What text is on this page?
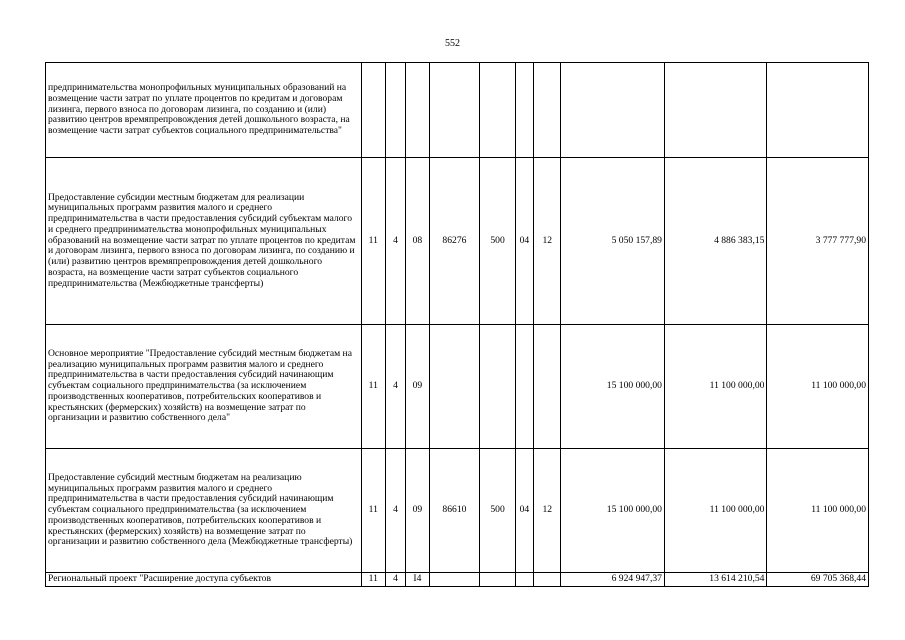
552
предпринимательства монопрофильных муниципальных образований на возмещение части затрат по уплате процентов по кредитам и договорам лизинга, первого взноса по договорам лизинга, по созданию и (или) развитию центров времяпрепровождения детей дошкольного возраста, на возмещение части затрат субъектов социального предпринимательства"										
Предоставление субсидии местным бюджетам для реализации муниципальных программ развития малого и среднего предпринимательства в части предоставления субсидий субъектам малого и среднего предпринимательства монопрофильных муниципальных образований на возмещение части затрат по уплате процентов по кредитам и договорам лизинга, первого взноса по договорам лизинга, по созданию и (или) развитию центров времяпрепровождения детей дошкольного возраста, на возмещение части затрат субъектов социального предпринимательства (Межбюджетные трансферты)	11	4	08	86276	500	04	12	5 050 157,89	4 886 383,15	3 777 777,90
Основное мероприятие "Предоставление субсидий местным бюджетам на реализацию муниципальных программ развития малого и среднего предпринимательства в части предоставления субсидий начинающим субъектам социального предпринимательства (за исключением производственных кооперативов, потребительских кооперативов и крестьянских (фермерских) хозяйств) на возмещение затрат по организации и развитию собственного дела"	11	4	09					15 100 000,00	11 100 000,00	11 100 000,00
Предоставление субсидий местным бюджетам на реализацию муниципальных программ развития малого и среднего предпринимательства в части предоставления субсидий начинающим субъектам социального предпринимательства (за исключением производственных кооперативов, потребительских кооперативов и крестьянских (фермерских) хозяйств) на возмещение затрат по организации и развитию собственного дела (Межбюджетные трансферты)	11	4	09	86610	500	04	12	15 100 000,00	11 100 000,00	11 100 000,00
Региональный проект "Расширение доступа субъектов	11	4	I4					6 924 947,37	13 614 210,54	69 705 368,44
